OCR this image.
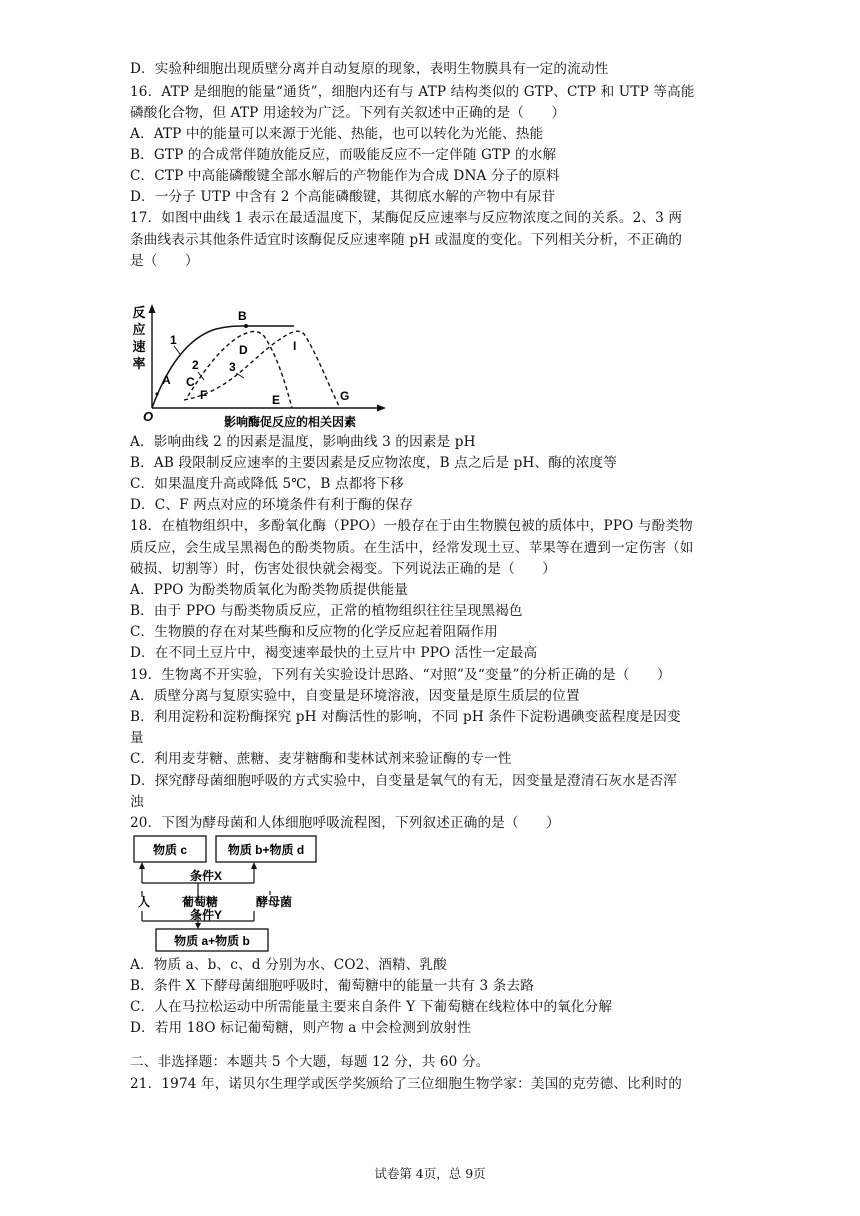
D．实验种细胞出现质壁分离并自动复原的现象，表明生物膜具有一定的流动性
16．ATP 是细胞的能量“通货”，细胞内还有与 ATP 结构类似的 GTP、CTP 和 UTP 等高能
磷酸化合物，但 ATP 用途较为广泛。下列有关叙述中正确的是（　　）
A．ATP 中的能量可以来源于光能、热能，也可以转化为光能、热能
B．GTP 的合成常伴随放能反应，而吸能反应不一定伴随 GTP 的水解
C．CTP 中高能磷酸键全部水解后的产物能作为合成 DNA 分子的原料
D．一分子 UTP 中含有 2 个高能磷酸键，其彻底水解的产物中有尿苷
17．如图中曲线 1 表示在最适温度下，某酶促反应速率与反应物浓度之间的关系。2、3 两
条曲线表示其他条件适宜时该酶促反应速率随 pH 或温度的变化。下列相关分析，不正确的
是（　　）
反
应
速
率
O	影响酶促反应的相关因素
A
B
C
D
E
F	G
I
1
2	3
A．影响曲线 2 的因素是温度，影响曲线 3 的因素是 pH
B．AB 段限制反应速率的主要因素是反应物浓度，B 点之后是 pH、酶的浓度等
C．如果温度升高或降低 5℃，B 点都将下移
D．C、F 两点对应的环境条件有利于酶的保存
18．在植物组织中，多酚氧化酶（PPO）一般存在于由生物膜包被的质体中，PPO 与酚类物
质反应，会生成呈黑褐色的酚类物质。在生活中，经常发现土豆、苹果等在遭到一定伤害（如
破损、切割等）时，伤害处很快就会褐变。下列说法正确的是（　　）
A．PPO 为酚类物质氧化为酚类物质提供能量
B．由于 PPO 与酚类物质反应，正常的植物组织往往呈现黑褐色
C．生物膜的存在对某些酶和反应物的化学反应起着阻隔作用
D．在不同土豆片中，褐变速率最快的土豆片中 PPO 活性一定最高
19．生物离不开实验，下列有关实验设计思路、“对照”及“变量”的分析正确的是（　　）
A．质壁分离与复原实验中，自变量是环境溶液，因变量是原生质层的位置
B．利用淀粉和淀粉酶探究 pH 对酶活性的影响，不同 pH 条件下淀粉遇碘变蓝程度是因变
量
C．利用麦芽糖、蔗糖、麦芽糖酶和斐林试剂来验证酶的专一性
D．探究酵母菌细胞呼吸的方式实验中，自变量是氧气的有无，因变量是澄清石灰水是否浑
浊
20．下图为酵母菌和人体细胞呼吸流程图，下列叙述正确的是（　　）
物质 c	物质 b+物质 d
条件X
人	葡萄糖	酵母菌
条件Y
物质 a+物质 b
A．物质 a、b、c、d 分别为水、CO2、酒精、乳酸
B．条件 X 下酵母菌细胞呼吸时，葡萄糖中的能量一共有 3 条去路
C．人在马拉松运动中所需能量主要来自条件 Y 下葡萄糖在线粒体中的氧化分解
D．若用 18O 标记葡萄糖，则产物 a 中会检测到放射性
二、非选择题：本题共 5 个大题，每题 12 分，共 60 分。
21．1974 年，诺贝尔生理学或医学奖颁给了三位细胞生物学家：美国的克劳德、比利时的
试卷第 4页，总 9页
